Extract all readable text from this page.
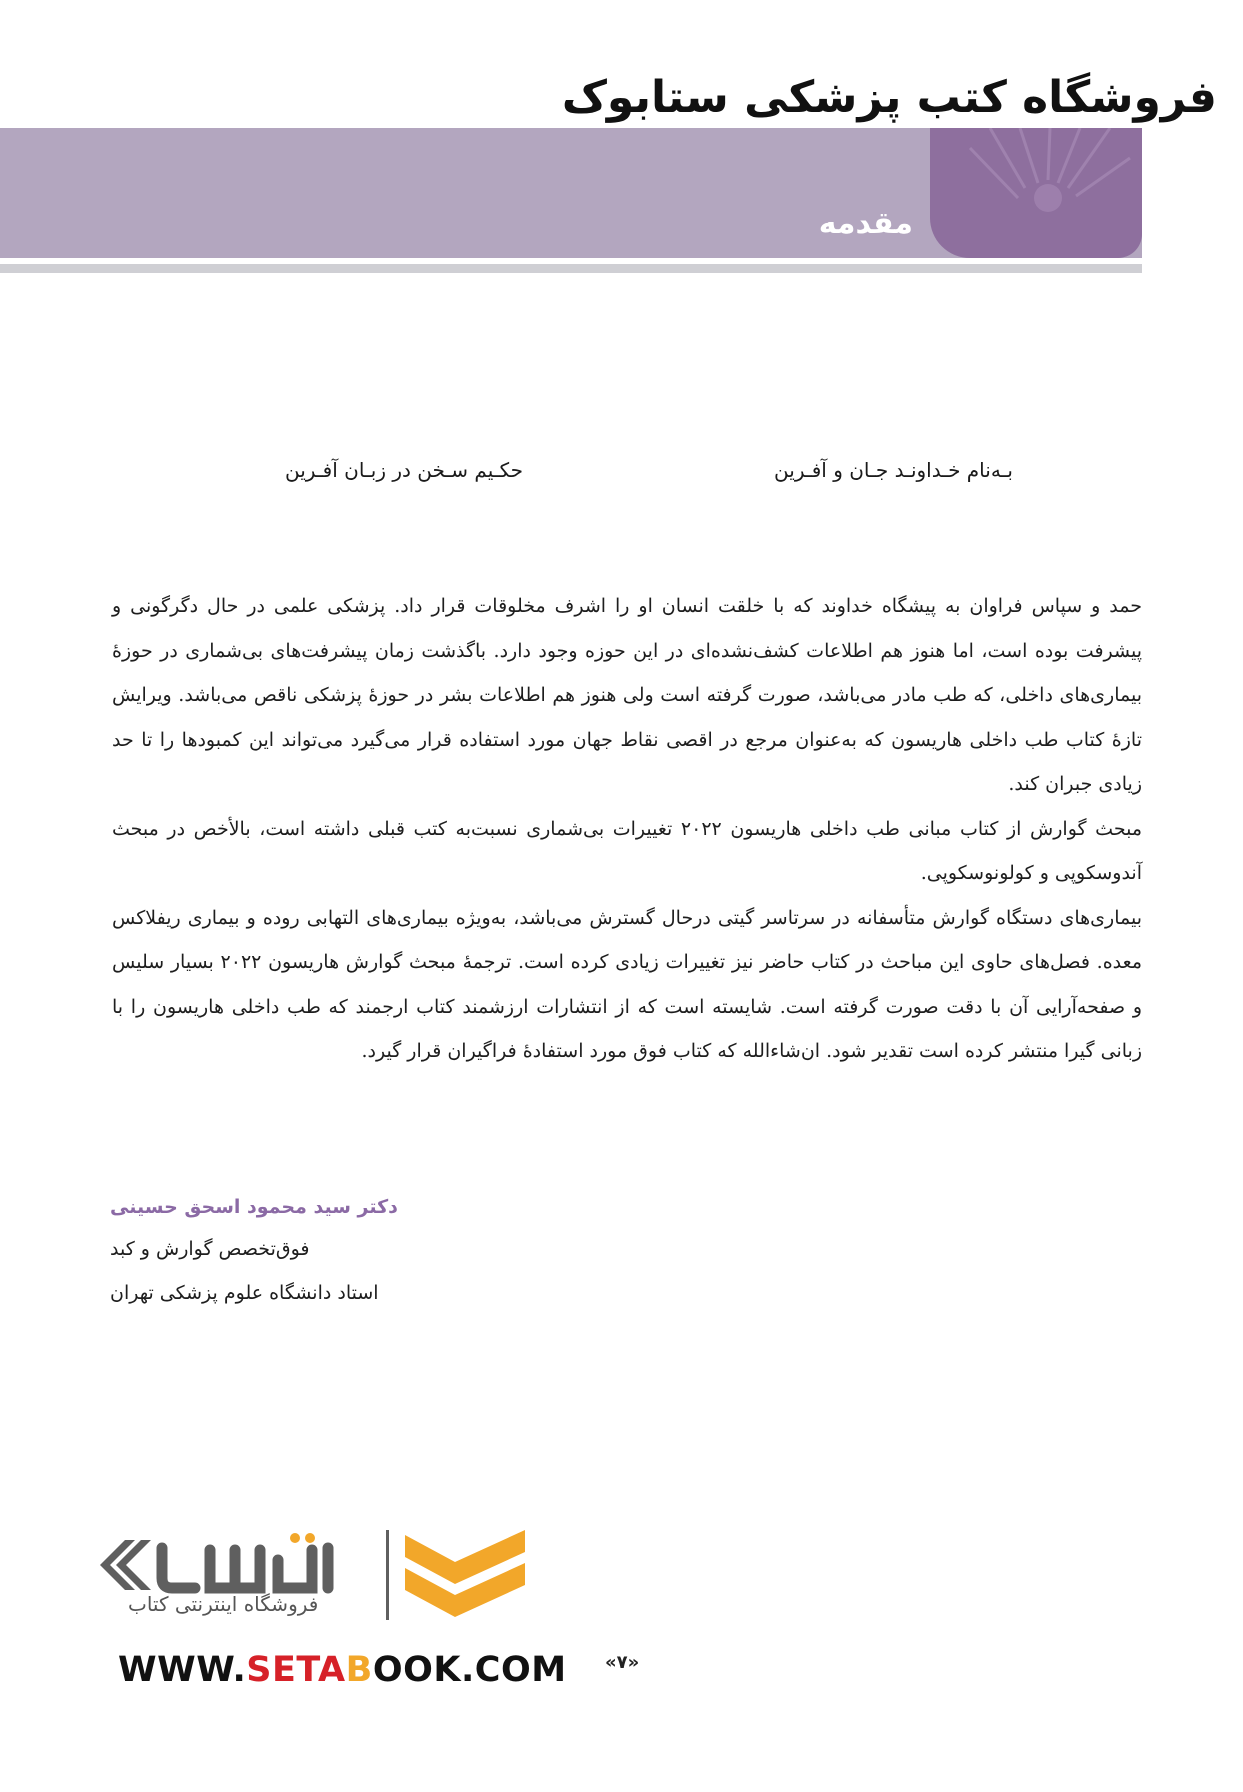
فروشگاه کتب پزشکی ستابوک
مقدمه
بـه‌نام خـداونـد جـان و آفـرین
حکـیم سـخن در زبـان آفـرین

حمد و سپاس فراوان به پیشگاه خداوند که با خلقت انسان او را اشرف مخلوقات قرار داد. پزشکی علمی در حال دگرگونی و پیشرفت بوده است، اما هنوز هم اطلاعات کشف‌نشده‌ای در این حوزه وجود دارد. باگذشت زمان پیشرفت‌های بی‌شماری در حوزهٔ بیماری‌های داخلی، که طب مادر می‌باشد، صورت گرفته است ولی هنوز هم اطلاعات بشر در حوزهٔ پزشکی ناقص می‌باشد. ویرایش تازهٔ کتاب طب داخلی هاریسون که به‌عنوان مرجع در اقصی نقاط جهان مورد استفاده قرار می‌گیرد می‌تواند این کمبودها را تا حد زیادی جبران کند.

مبحث گوارش از کتاب مبانی طب داخلی هاریسون ۲۰۲۲ تغییرات بی‌شماری نسبت‌به کتب قبلی داشته است، بالأخص در مبحث آندوسکوپی و کولونوسکوپی.

بیماری‌های دستگاه گوارش متأسفانه در سرتاسر گیتی درحال گسترش می‌باشد، به‌ویژه بیماری‌های التهابی روده و بیماری ریفلاکس معده. فصل‌های حاوی این مباحث در کتاب حاضر نیز تغییرات زیادی کرده است. ترجمهٔ مبحث گوارش هاریسون ۲۰۲۲ بسیار سلیس و صفحه‌آرایی آن با دقت صورت گرفته است. شایسته است که از انتشارات ارزشمند کتاب ارجمند که طب داخلی هاریسون را با زبانی گیرا منتشر کرده است تقدیر شود. ان‌شاءالله که کتاب فوق مورد استفادهٔ فراگیران قرار گیرد.

دکتر سید محمود اسحق حسینی
فوق‌تخصص گوارش و کبد
استاد دانشگاه علوم پزشکی تهران
فروشگاه اینترنتی کتاب
WWW.SETABOOK.COM «۷»
